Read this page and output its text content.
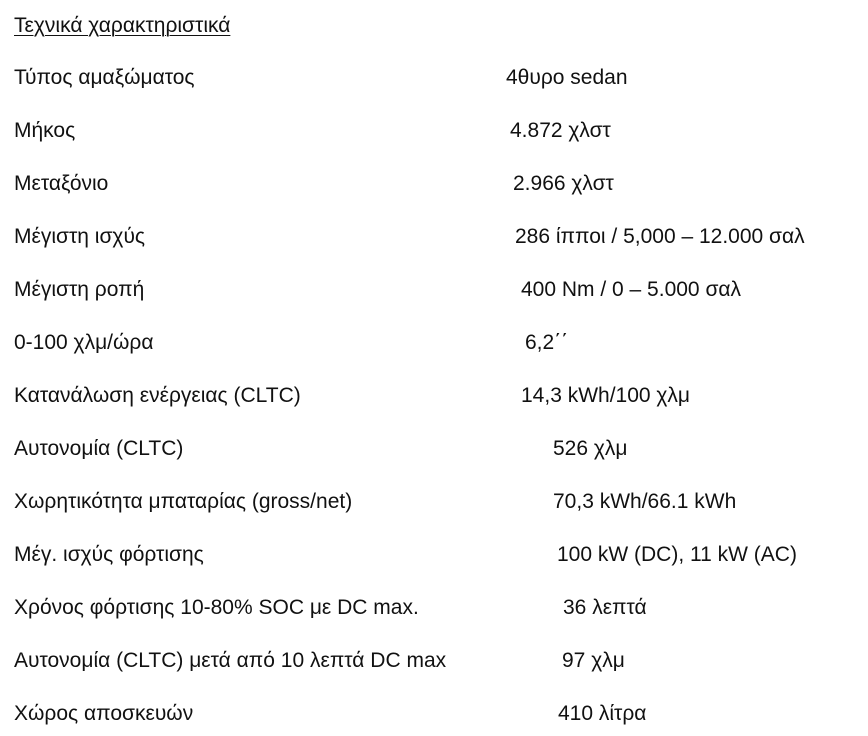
Τεχνικά χαρακτηριστικά
Τύπος αμαξώματος	4θυρο sedan
Μήκος	4.872 χλστ
Μεταξόνιο	2.966 χλστ
Μέγιστη ισχύς	286 ίπποι / 5,000 – 12.000 σαλ
Μέγιστη ροπή	400 Nm / 0 – 5.000 σαλ
0-100 χλμ/ώρα	6,2΄΄
Κατανάλωση ενέργειας (CLTC)	14,3 kWh/100 χλμ
Αυτονομία (CLTC)	526 χλμ
Χωρητικότητα μπαταρίας (gross/net)	70,3 kWh/66.1 kWh
Μέγ. ισχύς φόρτισης	100 kW (DC), 11 kW (AC)
Χρόνος φόρτισης 10-80% SOC με DC max.	36 λεπτά
Αυτονομία (CLTC) μετά από 10 λεπτά DC max	97 χλμ
Χώρος αποσκευών	410 λίτρα
